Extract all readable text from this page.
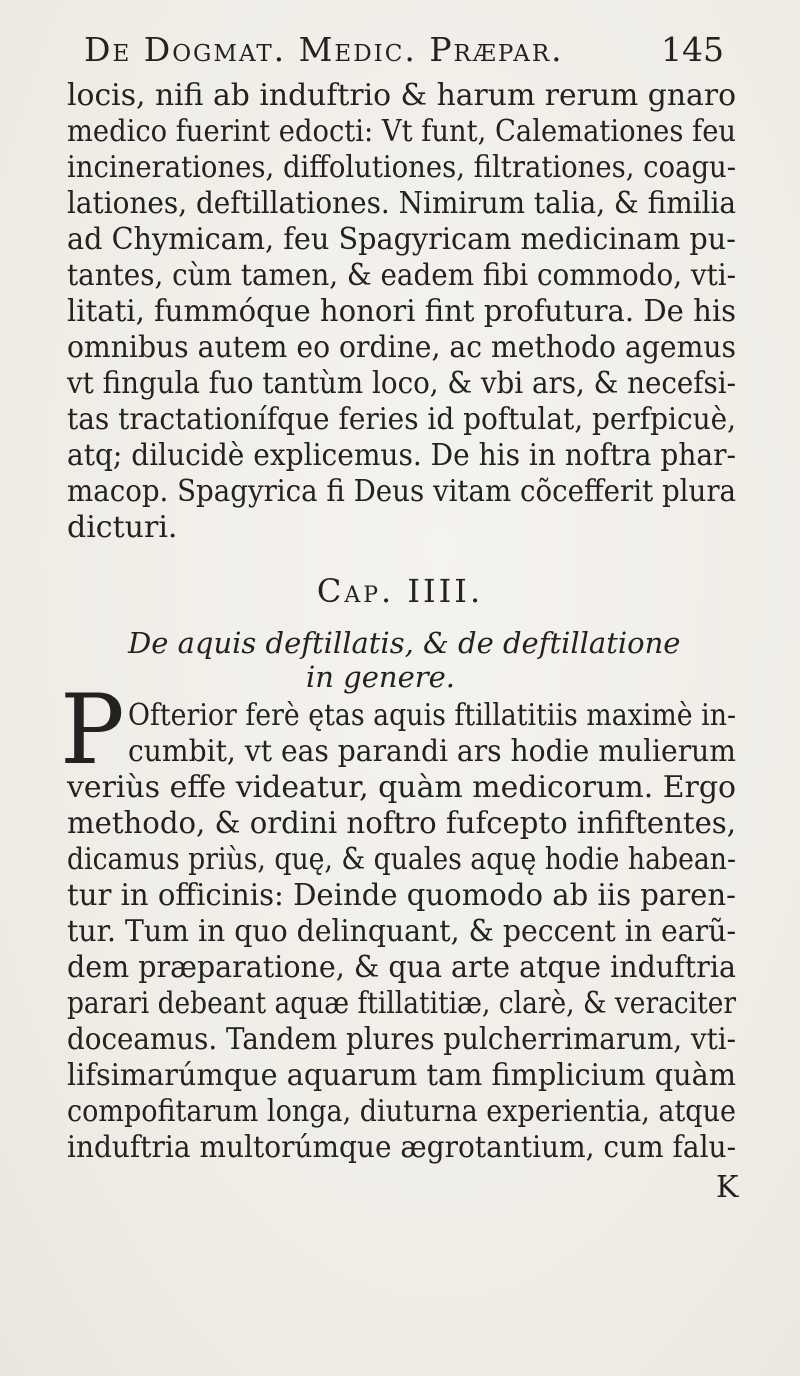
De Dogmat. Medic. Præpar.	145
locis, nifi ab induftrio & harum rerum gnaro
medico fuerint edocti: Vt funt, Calemationes feu
incinerationes, diffolutiones, filtrationes, coagu-
lationes, deftillationes. Nimirum talia, & fimilia
ad Chymicam, feu Spagyricam medicinam pu-
tantes, cùm tamen, & eadem fibi commodo, vti-
litati, fummóque honori fint profutura. De his
omnibus autem eo ordine, ac methodo agemus
vt fingula fuo tantùm loco, & vbi ars, & necefsi-
tas tractationífque feries id poftulat, perfpicuè,
atq; dilucidè explicemus. De his in noftra phar-
macop. Spagyrica fi Deus vitam cõcefferit plura
dicturi.
Cap. IIII.
De aquis deftillatis, & de deftillatione
in genere.
P Ofterior ferè ętas aquis ftillatitiis maximè in-
cumbit, vt eas parandi ars hodie mulierum
veriùs effe videatur, quàm medicorum. Ergo
methodo, & ordini noftro fufcepto infiftentes,
dicamus priùs, quę, & quales aquę hodie habean-
tur in officinis: Deinde quomodo ab iis paren-
tur. Tum in quo delinquant, & peccent in earũ-
dem præparatione, & qua arte atque induftria
parari debeant aquæ ftillatitiæ, clarè, & veraciter
doceamus. Tandem plures pulcherrimarum, vti-
lifsimarúmque aquarum tam fimplicium quàm
compofitarum longa, diuturna experientia, atque
induftria multorúmque ægrotantium, cum falu-
K
